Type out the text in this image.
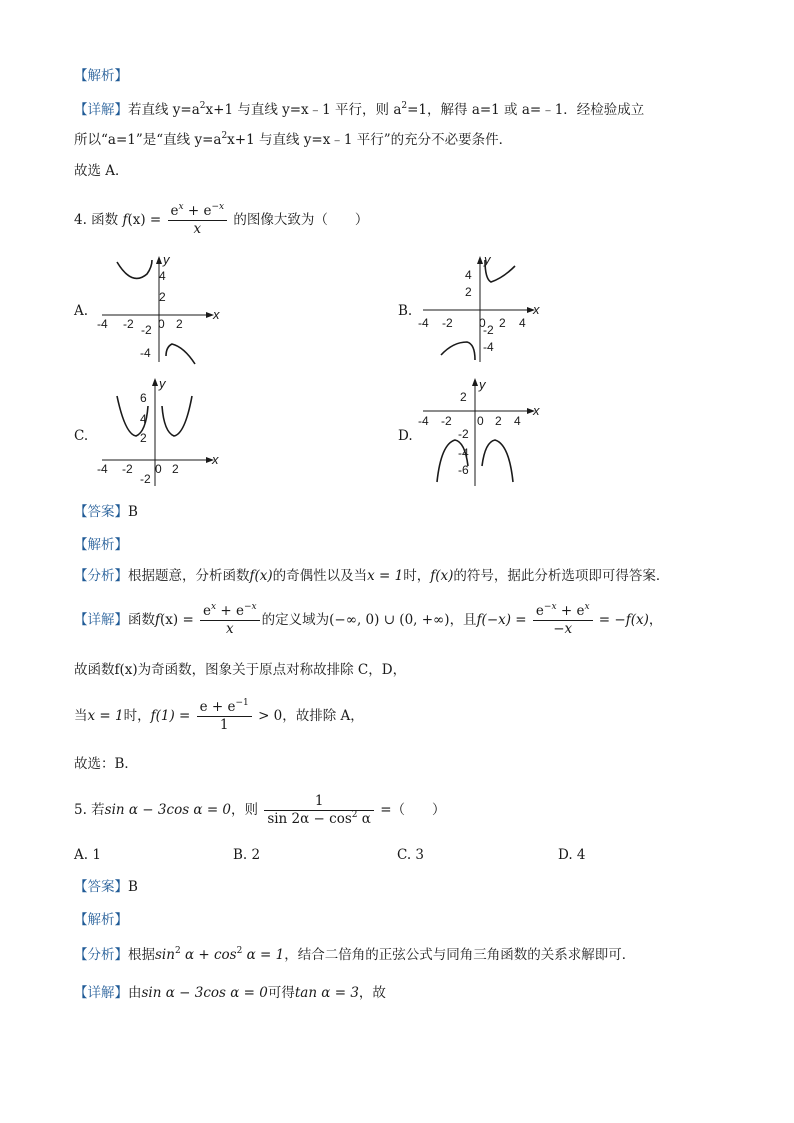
【解析】
【详解】若直线 $y=a^2x+1$ 与直线 y=x﹣1 平行，则 $a^2=1$，解得 a=1 或 a=﹣1．经检验成立
所以“a=1”是“直线 $y=a^2x+1$ 与直线 y=x﹣1 平行”的充分不必要条件．
故选 A．
4. 函数 $f(x) = \frac{e^x + e^{-x}}{x}$ 的图像大致为（　　）
A.	B.
C.	D.
x
y
-4 -2 -2 0 2
2
4
-4
x
y
-4 -2 0 2 4
2
4
-2
-4
x
y
-4 -2 0 2
-2
6
4
2
x
y
-4 -2 0 2 4
2
-2
-4
-6
【答案】B
【解析】
【分析】根据题意，分析函数f(x)的奇偶性以及当x = 1时，f(x)的符号，据此分析选项即可得答案．
【详解】函数$f(x) = \frac{e^x + e^{-x}}{x}$ 的定义域为(−∞, 0) ∪ (0, +∞)，且$f(-x) = \frac{e^{-x} + e^x}{-x} = -f(x)$，
故函数f(x)为奇函数，图象关于原点对称故排除 C，D，
当x = 1时，$f(1) = \frac{e + e^{-1}}{1} > 0$，故排除 A，
故选：B．
5. 若sin α − 3cos α = 0，则 $\frac{1}{\sin 2\alpha - \cos^2 \alpha}$ =（　　）
A. 1	B. 2	C. 3	D. 4
【答案】B
【解析】
【分析】根据$\sin^2 \alpha + \cos^2 \alpha = 1$，结合二倍角的正弦公式与同角三角函数的关系求解即可．
【详解】由sin α − 3cos α = 0可得tan α = 3，故
